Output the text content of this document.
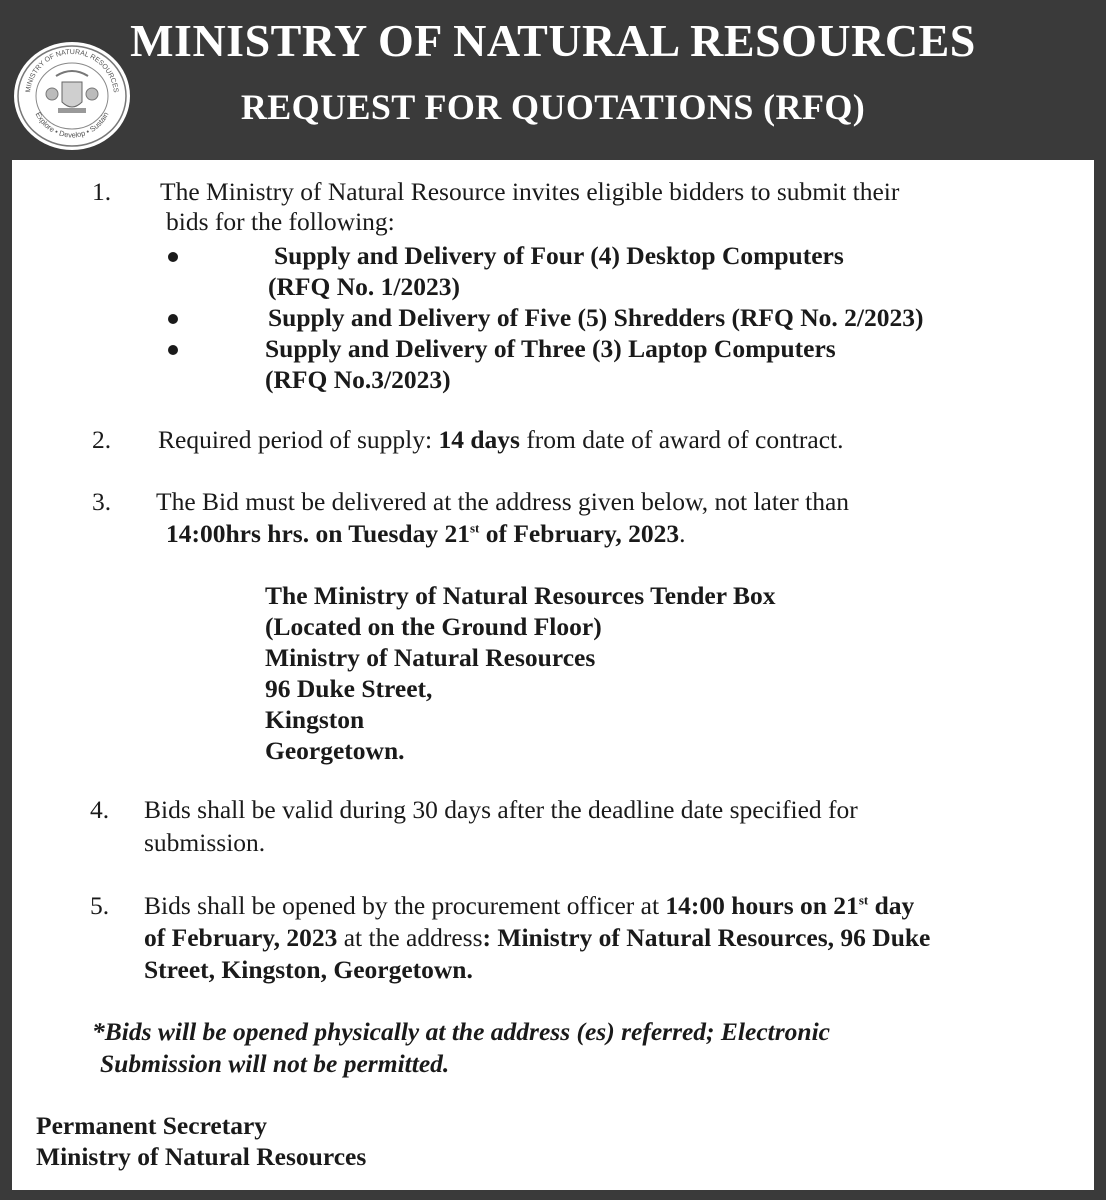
MINISTRY OF NATURAL RESOURCES
Explore • Develop • Sustain
MINISTRY OF NATURAL RESOURCES
REQUEST FOR QUOTATIONS (RFQ)
1. The Ministry of Natural Resource invites eligible bidders to submit their
bids for the following:
Supply and Delivery of Four (4) Desktop Computers
(RFQ No. 1/2023)
Supply and Delivery of Five (5) Shredders (RFQ No. 2/2023)
Supply and Delivery of Three (3) Laptop Computers
(RFQ No.3/2023)
2. Required period of supply: 14 days from date of award of contract.
3. The Bid must be delivered at the address given below, not later than
14:00hrs hrs. on Tuesday 21st of February, 2023.
The Ministry of Natural Resources Tender Box
(Located on the Ground Floor)
Ministry of Natural Resources
96 Duke Street,
Kingston
Georgetown.
4. Bids shall be valid during 30 days after the deadline date specified for
submission.
5. Bids shall be opened by the procurement officer at 14:00 hours on 21st day
of February, 2023 at the address: Ministry of Natural Resources, 96 Duke
Street, Kingston, Georgetown.
*Bids will be opened physically at the address (es) referred; Electronic
Submission will not be permitted.
Permanent Secretary
Ministry of Natural Resources
